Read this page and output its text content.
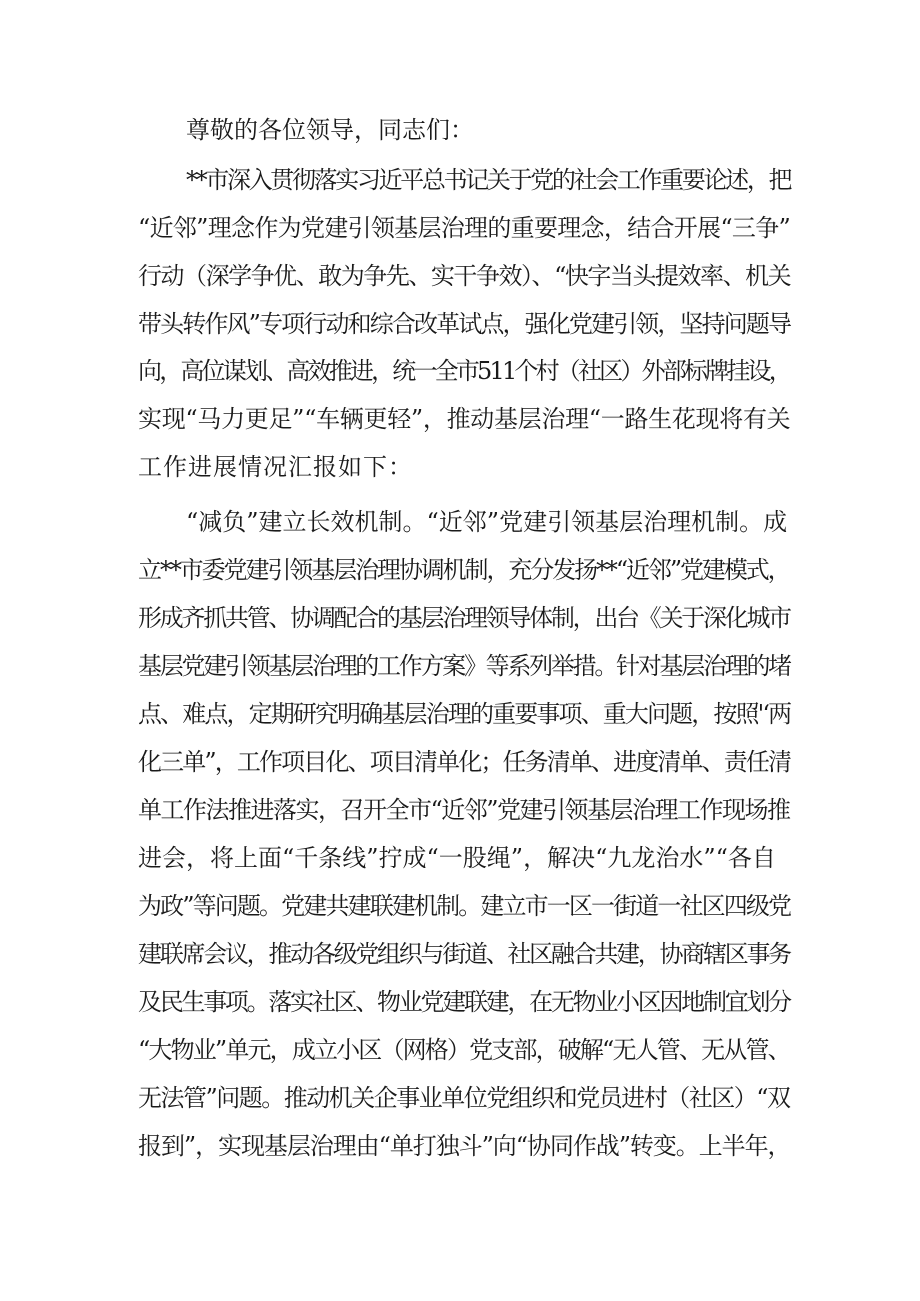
尊敬的各位领导，同志们：
**市深入贯彻落实习近平总书记关于党的社会工作重要论述，把
“近邻”理念作为党建引领基层治理的重要理念，结合开展“三争”
行动（深学争优、敢为争先、实干争效）、“快字当头提效率、机关
带头转作风”专项行动和综合改革试点，强化党建引领，坚持问题导
向，高位谋划、高效推进，统一全市511个村（社区）外部标牌挂设，
实现“马力更足”“车辆更轻”，推动基层治理“一路生花现将有关
工作进展情况汇报如下：
“减负”建立长效机制。“近邻”党建引领基层治理机制。成
立**市委党建引领基层治理协调机制，充分发扬**“近邻”党建模式，
形成齐抓共管、协调配合的基层治理领导体制，出台《关于深化城市
基层党建引领基层治理的工作方案》等系列举措。针对基层治理的堵
点、难点，定期研究明确基层治理的重要事项、重大问题，按照'‘两
化三单”，工作项目化、项目清单化；任务清单、进度清单、责任清
单工作法推进落实，召开全市“近邻”党建引领基层治理工作现场推
进会，将上面“千条线”拧成“一股绳”，解决“九龙治水”“各自
为政”等问题。党建共建联建机制。建立市一区一街道一社区四级党
建联席会议，推动各级党组织与街道、社区融合共建，协商辖区事务
及民生事项。落实社区、物业党建联建，在无物业小区因地制宜划分
“大物业”单元，成立小区（网格）党支部，破解“无人管、无从管、
无法管”问题。推动机关企事业单位党组织和党员进村（社区）“双
报到”，实现基层治理由“单打独斗”向“协同作战”转变。上半年，
